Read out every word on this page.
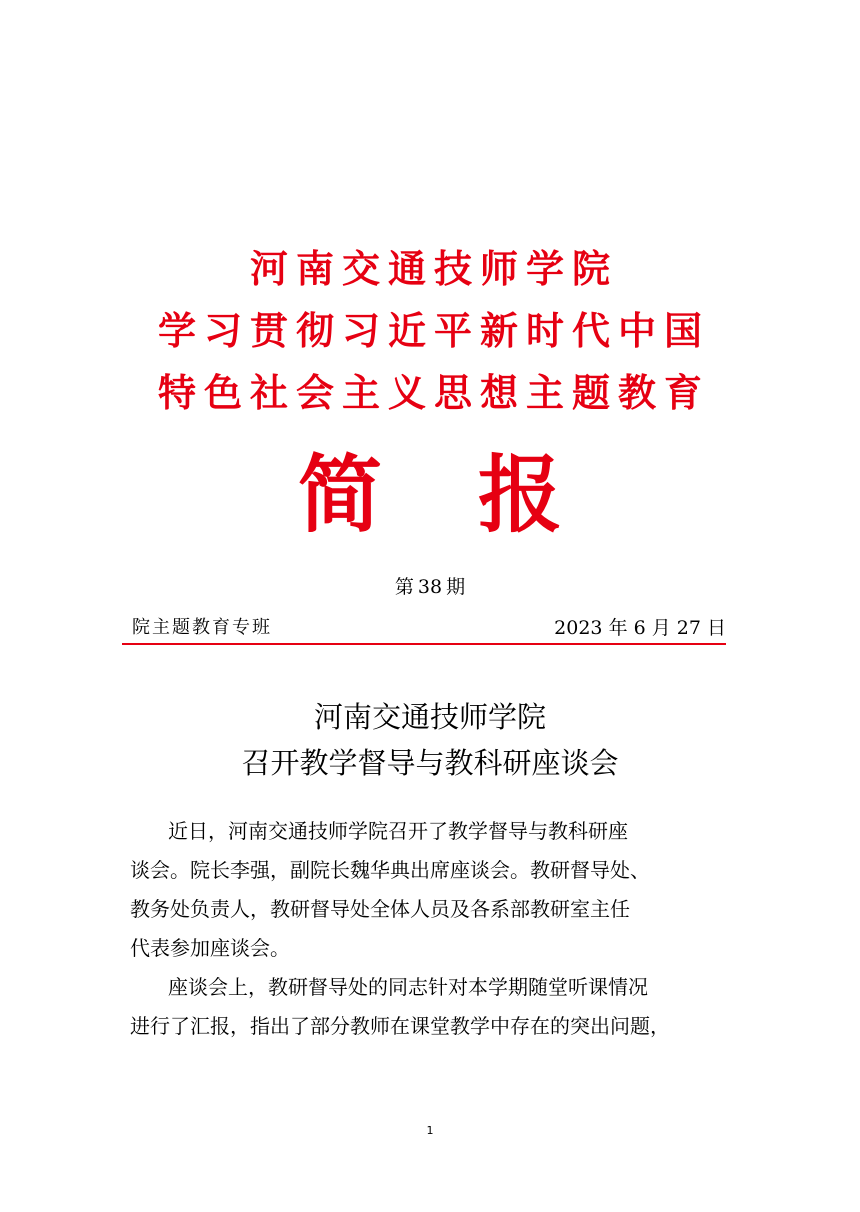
河南交通技师学院
学习贯彻习近平新时代中国
特色社会主义思想主题教育
简 报
第 38 期
院主题教育专班	2023 年 6 月 27 日
河南交通技师学院
召开教学督导与教科研座谈会
近日，河南交通技师学院召开了教学督导与教科研座
谈会。院长李强，副院长魏华典出席座谈会。教研督导处、
教务处负责人，教研督导处全体人员及各系部教研室主任
代表参加座谈会。
座谈会上，教研督导处的同志针对本学期随堂听课情况
进行了汇报，指出了部分教师在课堂教学中存在的突出问题，
1
